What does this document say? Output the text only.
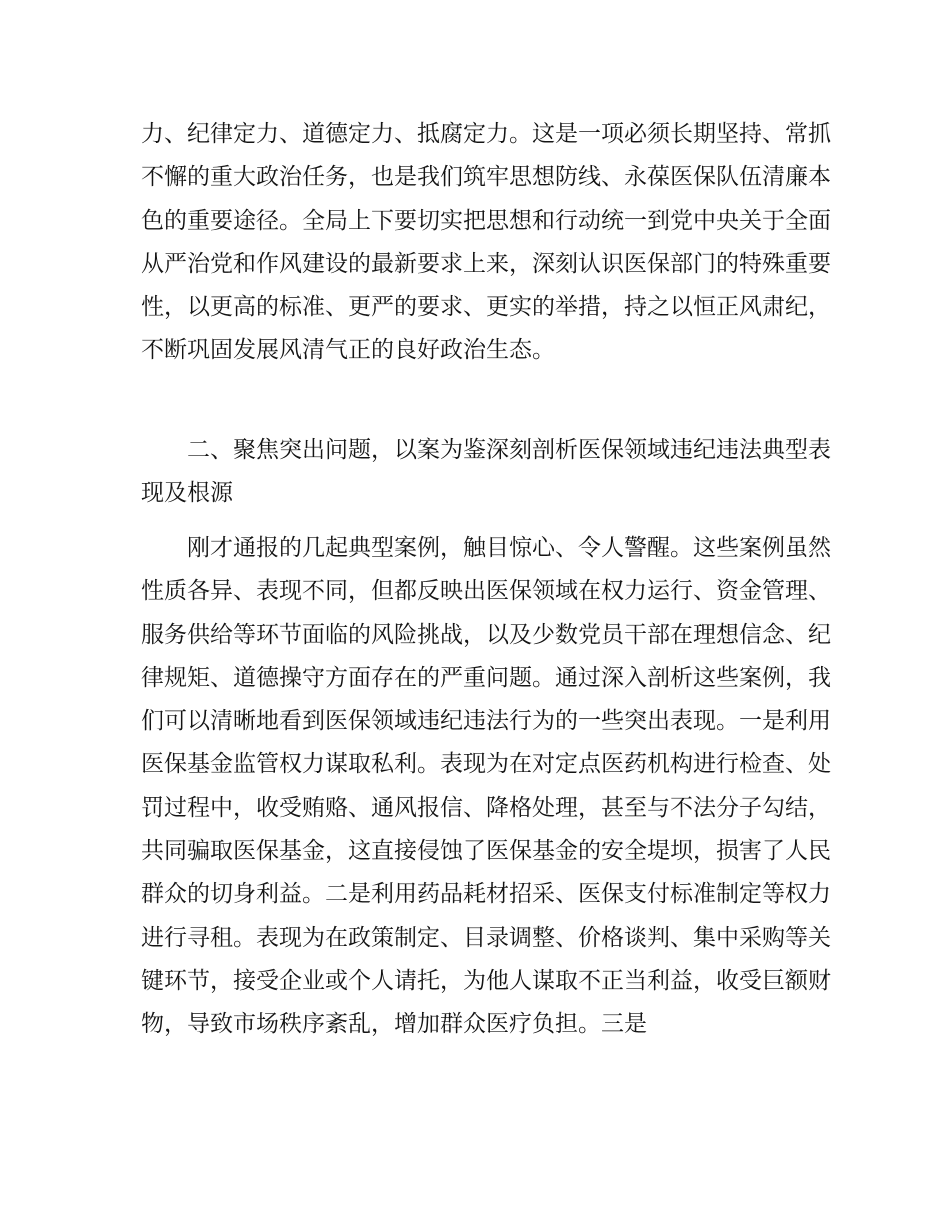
力、纪律定力、道德定力、抵腐定力。这是一项必须长期坚持、常抓不懈的重大政治任务，也是我们筑牢思想防线、永葆医保队伍清廉本色的重要途径。全局上下要切实把思想和行动统一到党中央关于全面从严治党和作风建设的最新要求上来，深刻认识医保部门的特殊重要性，以更高的标准、更严的要求、更实的举措，持之以恒正风肃纪，不断巩固发展风清气正的良好政治生态。

二、聚焦突出问题，以案为鉴深刻剖析医保领域违纪违法典型表现及根源

刚才通报的几起典型案例，触目惊心、令人警醒。这些案例虽然性质各异、表现不同，但都反映出医保领域在权力运行、资金管理、服务供给等环节面临的风险挑战，以及少数党员干部在理想信念、纪律规矩、道德操守方面存在的严重问题。通过深入剖析这些案例，我们可以清晰地看到医保领域违纪违法行为的一些突出表现。一是利用医保基金监管权力谋取私利。表现为在对定点医药机构进行检查、处罚过程中，收受贿赂、通风报信、降格处理，甚至与不法分子勾结，共同骗取医保基金，这直接侵蚀了医保基金的安全堤坝，损害了人民群众的切身利益。二是利用药品耗材招采、医保支付标准制定等权力进行寻租。表现为在政策制定、目录调整、价格谈判、集中采购等关键环节，接受企业或个人请托，为他人谋取不正当利益，收受巨额财物，导致市场秩序紊乱，增加群众医疗负担。三是
